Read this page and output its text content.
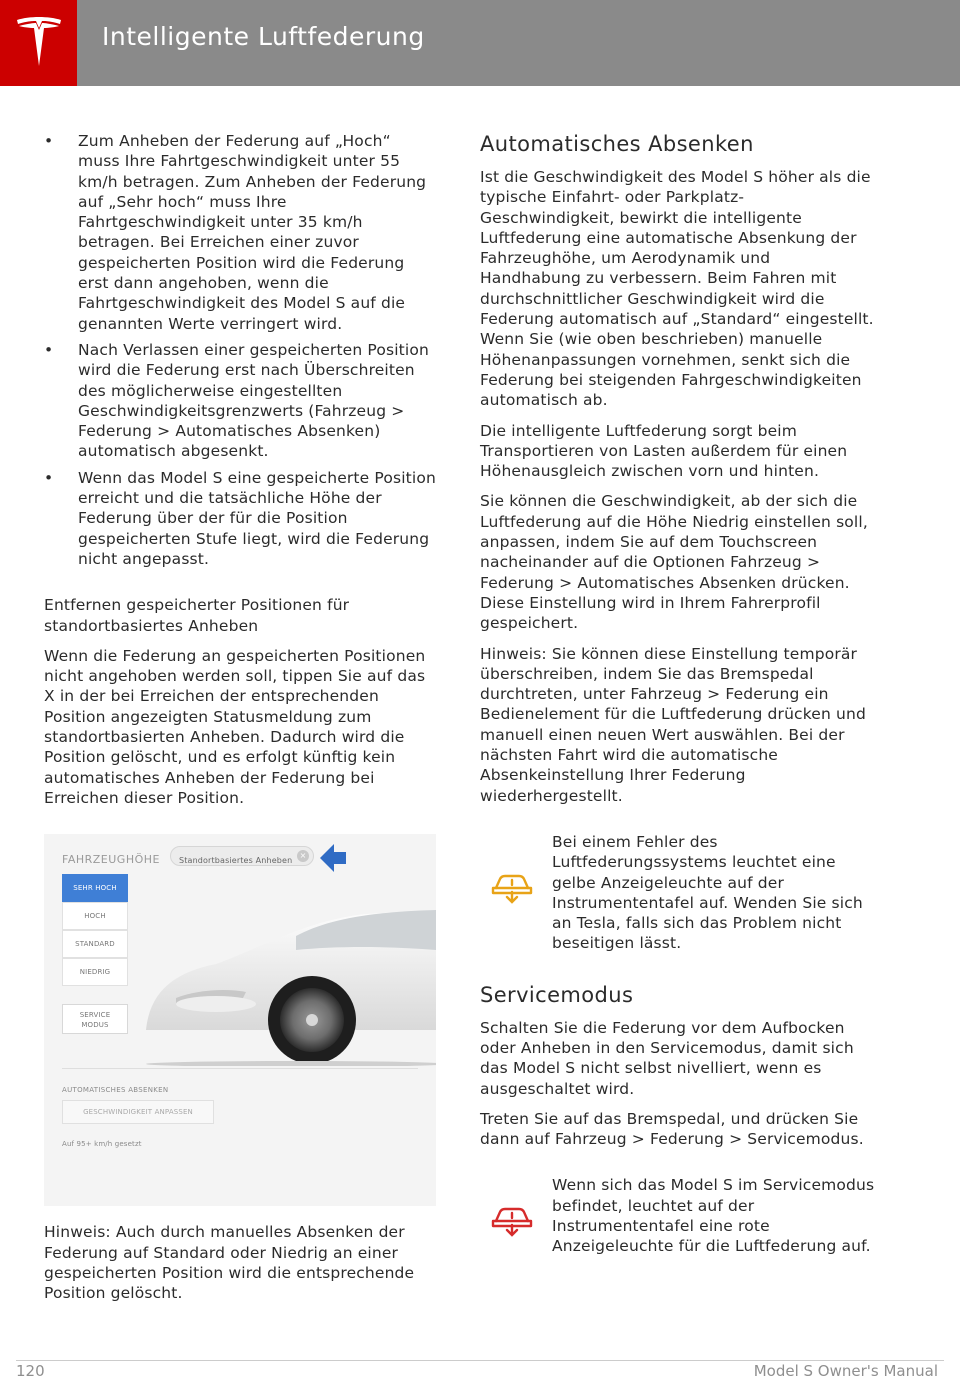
Intelligente Luftfederung
• Zum Anheben der Federung auf „Hoch“ muss Ihre Fahrtgeschwindigkeit unter 55 km/h betragen. Zum Anheben der Federung auf „Sehr hoch“ muss Ihre Fahrtgeschwindigkeit unter 35 km/h betragen. Bei Erreichen einer zuvor gespeicherten Position wird die Federung erst dann angehoben, wenn die Fahrtgeschwindigkeit des Model S auf die genannten Werte verringert wird.
• Nach Verlassen einer gespeicherten Position wird die Federung erst nach Überschreiten des möglicherweise eingestellten Geschwindigkeitsgrenzwerts (Fahrzeug > Federung > Automatisches Absenken) automatisch abgesenkt.
• Wenn das Model S eine gespeicherte Position erreicht und die tatsächliche Höhe der Federung über der für die Position gespeicherten Stufe liegt, wird die Federung nicht angepasst.

Entfernen gespeicherter Positionen für standortbasiertes Anheben

Wenn die Federung an gespeicherten Positionen nicht angehoben werden soll, tippen Sie auf das X in der bei Erreichen der entsprechenden Position angezeigten Statusmeldung zum standortbasierten Anheben. Dadurch wird die Position gelöscht, und es erfolgt künftig kein automatisches Anheben der Federung bei Erreichen dieser Position.

FAHRZEUGHÖHE	Standortbasiertes Anheben
×
SEHR HOCH
HOCH
STANDARD
NIEDRIG
SERVICE
MODUS
AUTOMATISCHES ABSENKEN
GESCHWINDIGKEIT ANPASSEN
Auf 95+ km/h gesetzt

Hinweis: Auch durch manuelles Absenken der Federung auf Standard oder Niedrig an einer gespeicherten Position wird die entsprechende Position gelöscht.

Automatisches Absenken

Ist die Geschwindigkeit des Model S höher als die typische Einfahrt- oder Parkplatz-Geschwindigkeit, bewirkt die intelligente Luftfederung eine automatische Absenkung der Fahrzeughöhe, um Aerodynamik und Handhabung zu verbessern. Beim Fahren mit durchschnittlicher Geschwindigkeit wird die Federung automatisch auf „Standard“ eingestellt. Wenn Sie (wie oben beschrieben) manuelle Höhenanpassungen vornehmen, senkt sich die Federung bei steigenden Fahrgeschwindigkeiten automatisch ab.

Die intelligente Luftfederung sorgt beim Transportieren von Lasten außerdem für einen Höhenausgleich zwischen vorn und hinten.

Sie können die Geschwindigkeit, ab der sich die Luftfederung auf die Höhe Niedrig einstellen soll, anpassen, indem Sie auf dem Touchscreen nacheinander auf die Optionen Fahrzeug > Federung > Automatisches Absenken drücken. Diese Einstellung wird in Ihrem Fahrerprofil gespeichert.

Hinweis: Sie können diese Einstellung temporär überschreiben, indem Sie das Bremspedal durchtreten, unter Fahrzeug > Federung ein Bedienelement für die Luftfederung drücken und manuell einen neuen Wert auswählen. Bei der nächsten Fahrt wird die automatische Absenkeinstellung Ihrer Federung wiederhergestellt.

Bei einem Fehler des Luftfederungssystems leuchtet eine gelbe Anzeigeleuchte auf der Instrumententafel auf. Wenden Sie sich an Tesla, falls sich das Problem nicht beseitigen lässt.

Servicemodus

Schalten Sie die Federung vor dem Aufbocken oder Anheben in den Servicemodus, damit sich das Model S nicht selbst nivelliert, wenn es ausgeschaltet wird.

Treten Sie auf das Bremspedal, und drücken Sie dann auf Fahrzeug > Federung > Servicemodus.

Wenn sich das Model S im Servicemodus befindet, leuchtet auf der Instrumententafel eine rote Anzeigeleuchte für die Luftfederung auf.

120	Model S Owner's Manual
